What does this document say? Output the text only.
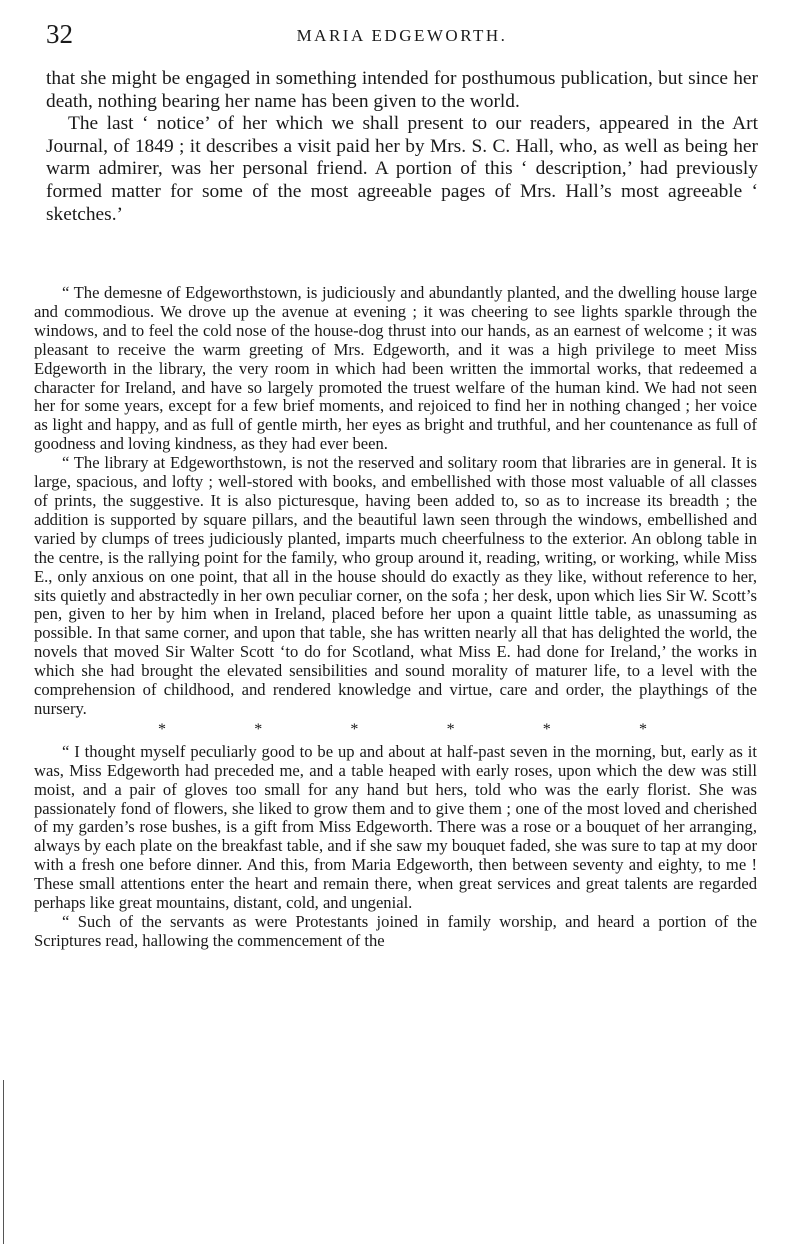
32	MARIA EDGEWORTH.

that she might be engaged in something intended for posthumous publication, but since her death, nothing bearing her name has been given to the world.

The last ‘ notice’ of her which we shall present to our readers, appeared in the Art Journal, of 1849 ; it describes a visit paid her by Mrs. S. C. Hall, who, as well as being her warm admirer, was her personal friend. A portion of this ‘ description,’ had previously formed matter for some of the most agreeable pages of Mrs. Hall’s most agreeable ‘ sketches.’

“ The demesne of Edgeworthstown, is judiciously and abundantly planted, and the dwelling house large and commodious. We drove up the avenue at evening ; it was cheering to see lights sparkle through the windows, and to feel the cold nose of the house-dog thrust into our hands, as an earnest of welcome ; it was pleasant to receive the warm greeting of Mrs. Edgeworth, and it was a high privilege to meet Miss Edgeworth in the library, the very room in which had been written the immortal works, that redeemed a character for Ireland, and have so largely promoted the truest welfare of the human kind. We had not seen her for some years, except for a few brief moments, and rejoiced to find her in nothing changed ; her voice as light and happy, and as full of gentle mirth, her eyes as bright and truthful, and her countenance as full of goodness and loving kindness, as they had ever been.

“ The library at Edgeworthstown, is not the reserved and solitary room that libraries are in general. It is large, spacious, and lofty ; well-stored with books, and embellished with those most valuable of all classes of prints, the suggestive. It is also picturesque, having been added to, so as to increase its breadth ; the addition is supported by square pillars, and the beautiful lawn seen through the windows, embellished and varied by clumps of trees judiciously planted, imparts much cheerfulness to the exterior. An oblong table in the centre, is the rallying point for the family, who group around it, reading, writing, or working, while Miss E., only anxious on one point, that all in the house should do exactly as they like, without reference to her, sits quietly and abstractedly in her own peculiar corner, on the sofa ; her desk, upon which lies Sir W. Scott’s pen, given to her by him when in Ireland, placed before her upon a quaint little table, as unassuming as possible. In that same corner, and upon that table, she has written nearly all that has delighted the world, the novels that moved Sir Walter Scott ‘to do for Scotland, what Miss E. had done for Ireland,’ the works in which she had brought the elevated sensibilities and sound morality of maturer life, to a level with the comprehension of childhood, and rendered knowledge and virtue, care and order, the playthings of the nursery.

*	*	*	*	*	*

“ I thought myself peculiarly good to be up and about at half-past seven in the morning, but, early as it was, Miss Edgeworth had preceded me, and a table heaped with early roses, upon which the dew was still moist, and a pair of gloves too small for any hand but hers, told who was the early florist. She was passionately fond of flowers, she liked to grow them and to give them ; one of the most loved and cherished of my garden’s rose bushes, is a gift from Miss Edgeworth. There was a rose or a bouquet of her arranging, always by each plate on the breakfast table, and if she saw my bouquet faded, she was sure to tap at my door with a fresh one before dinner. And this, from Maria Edgeworth, then between seventy and eighty, to me ! These small attentions enter the heart and remain there, when great services and great talents are regarded perhaps like great mountains, distant, cold, and ungenial.

“ Such of the servants as were Protestants joined in family worship, and heard a portion of the Scriptures read, hallowing the commencement of the
